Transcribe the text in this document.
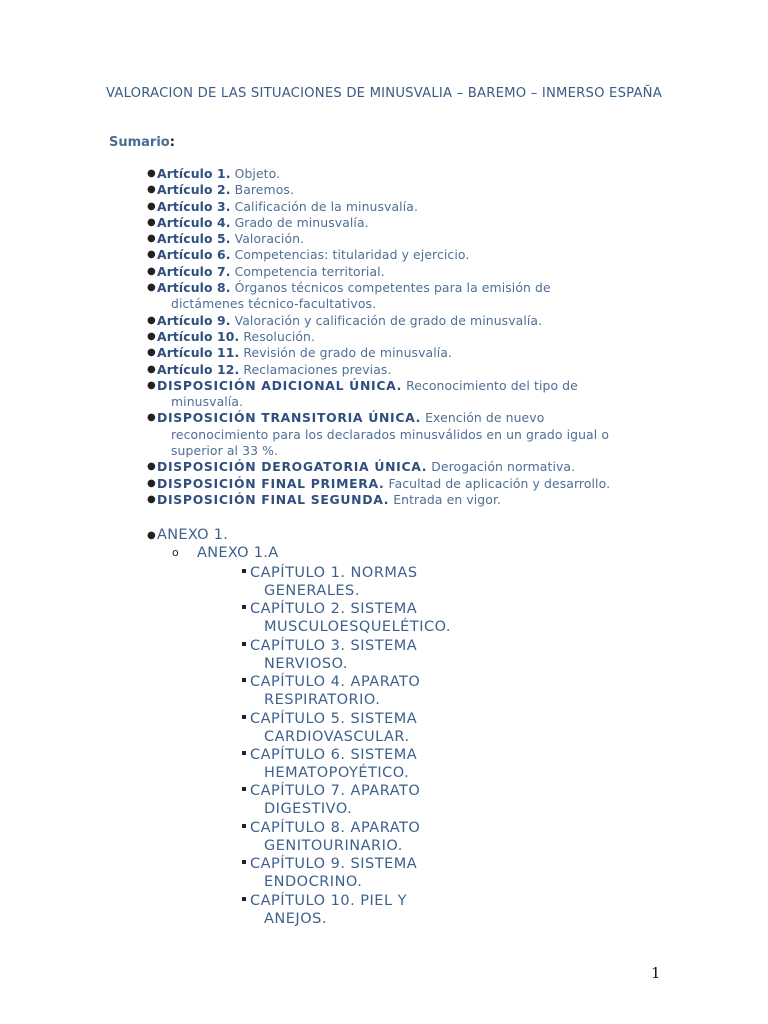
VALORACION DE LAS SITUACIONES DE MINUSVALIA – BAREMO – INMERSO ESPAÑA
Sumario:
● Artículo 1. Objeto.
● Artículo 2. Baremos.
● Artículo 3. Calificación de la minusvalía.
● Artículo 4. Grado de minusvalía.
● Artículo 5. Valoración.
● Artículo 6. Competencias: titularidad y ejercicio.
● Artículo 7. Competencia territorial.
● Artículo 8. Órganos técnicos competentes para la emisión de
dictámenes técnico-facultativos.
● Artículo 9. Valoración y calificación de grado de minusvalía.
● Artículo 10. Resolución.
● Artículo 11. Revisión de grado de minusvalía.
● Artículo 12. Reclamaciones previas.
● DISPOSICIÓN ADICIONAL ÚNICA. Reconocimiento del tipo de
minusvalía.
● DISPOSICIÓN TRANSITORIA ÚNICA. Exención de nuevo
reconocimiento para los declarados minusválidos en un grado igual o superior al 33 %.
● DISPOSICIÓN DEROGATORIA ÚNICA. Derogación normativa.
● DISPOSICIÓN FINAL PRIMERA. Facultad de aplicación y desarrollo.
● DISPOSICIÓN FINAL SEGUNDA. Entrada en vigor.
● ANEXO 1.
o ANEXO 1.A
CAPÍTULO 1. NORMAS
GENERALES.
CAPÍTULO 2. SISTEMA
MUSCULOESQUELÉTICO.
CAPÍTULO 3. SISTEMA
NERVIOSO.
CAPÍTULO 4. APARATO
RESPIRATORIO.
CAPÍTULO 5. SISTEMA
CARDIOVASCULAR.
CAPÍTULO 6. SISTEMA
HEMATOPOYÉTICO.
CAPÍTULO 7. APARATO
DIGESTIVO.
CAPÍTULO 8. APARATO
GENITOURINARIO.
CAPÍTULO 9. SISTEMA
ENDOCRINO.
CAPÍTULO 10. PIEL Y
ANEJOS.
1
